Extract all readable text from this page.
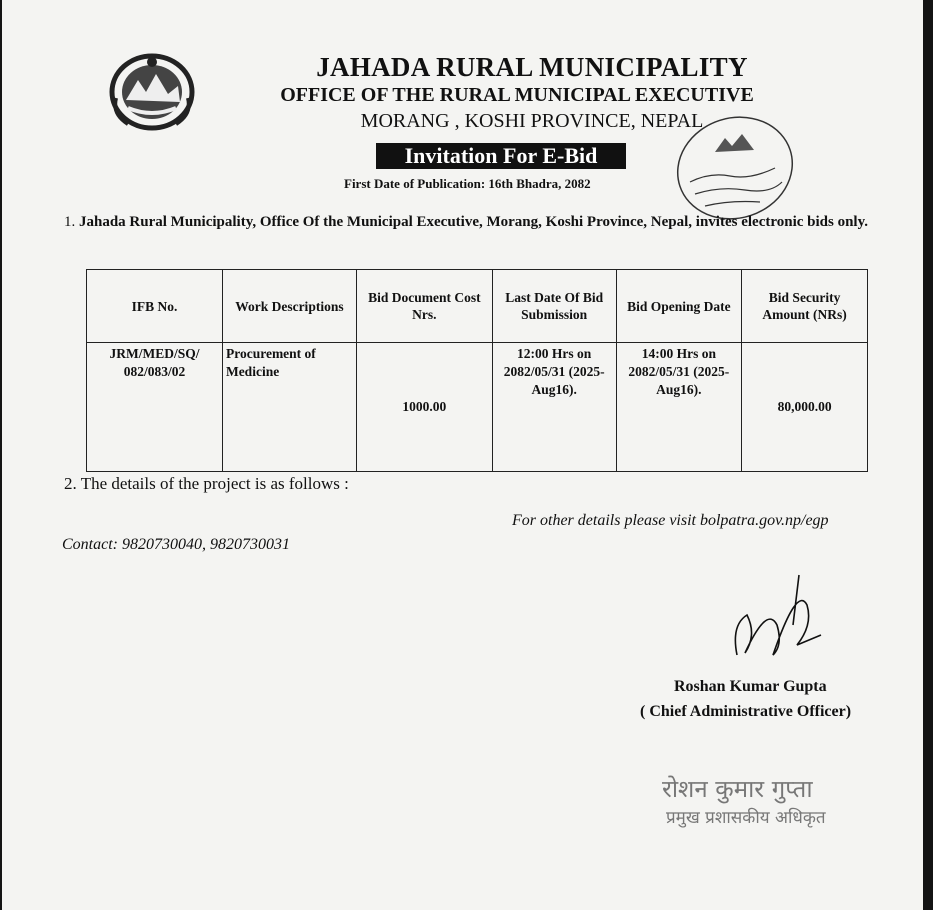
JAHADA RURAL MUNICIPALITY
OFFICE OF THE RURAL MUNICIPAL EXECUTIVE
MORANG , KOSHI PROVINCE, NEPAL
Invitation For E-Bid
First Date of Publication: 16th Bhadra, 2082
1. Jahada Rural Municipality, Office Of the Municipal Executive, Morang, Koshi Province, Nepal, invites electronic bids only.
IFB No.	Work Descriptions	Bid Document Cost Nrs.	Last Date Of Bid Submission	Bid Opening Date	Bid Security Amount (NRs)
JRM/MED/SQ/ 082/083/02	Procurement of Medicine	1000.00	12:00 Hrs on 2082/05/31 (2025-Aug16).	14:00 Hrs on 2082/05/31 (2025-Aug16).	80,000.00
2. The details of the project is as follows :
For other details please visit bolpatra.gov.np/egp
Contact: 9820730040, 9820730031
Roshan Kumar Gupta
( Chief Administrative Officer)
रोशन कुमार गुप्ता
प्रमुख प्रशासकीय अधिकृत
